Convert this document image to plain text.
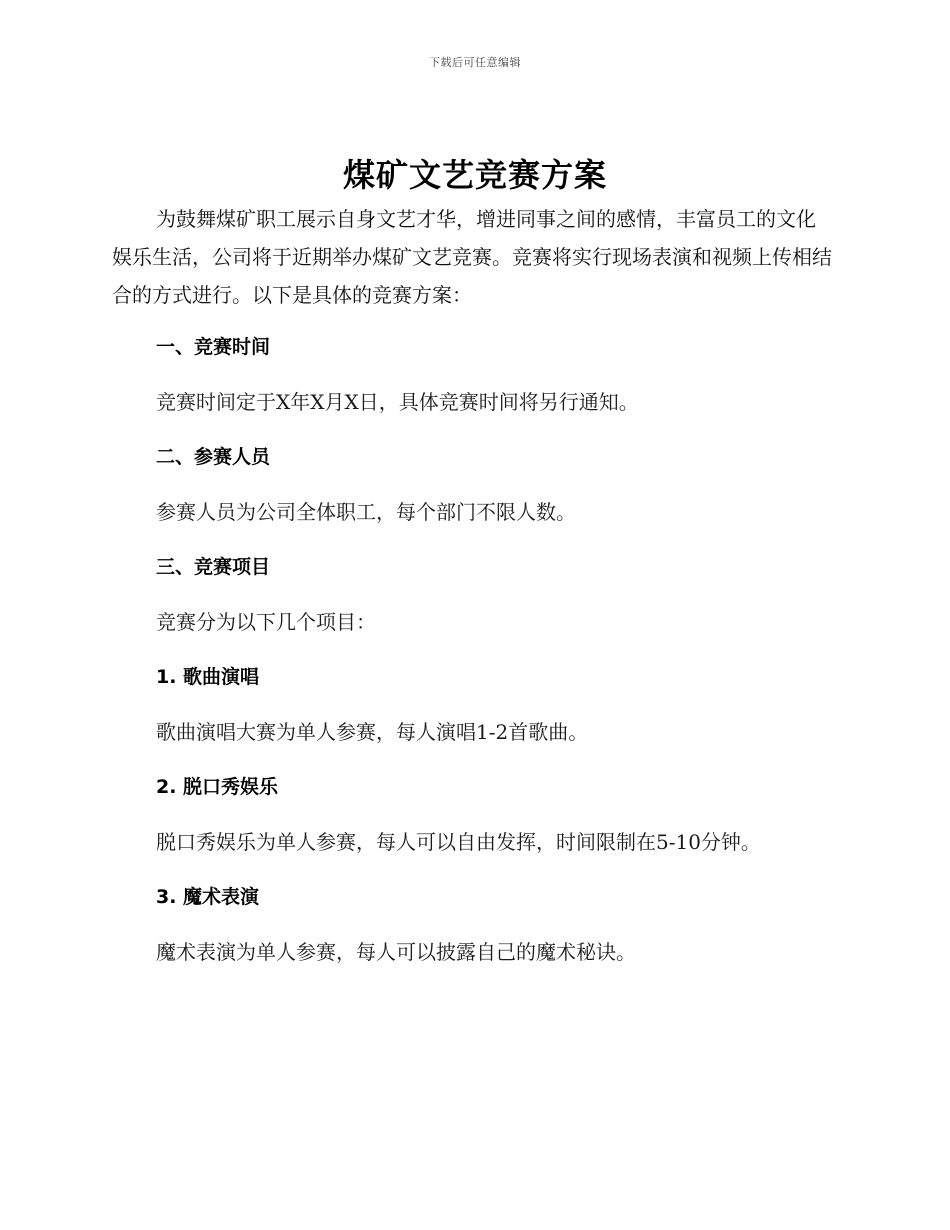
下载后可任意编辑
煤矿文艺竞赛方案

为鼓舞煤矿职工展示自身文艺才华，增进同事之间的感情，丰富员工的文化娱乐生活，公司将于近期举办煤矿文艺竞赛。竞赛将实行现场表演和视频上传相结合的方式进行。以下是具体的竞赛方案：

一、竞赛时间
竞赛时间定于X年X月X日，具体竞赛时间将另行通知。
二、参赛人员
参赛人员为公司全体职工，每个部门不限人数。
三、竞赛项目
竞赛分为以下几个项目：
1. 歌曲演唱
歌曲演唱大赛为单人参赛，每人演唱1-2首歌曲。
2. 脱口秀娱乐
脱口秀娱乐为单人参赛，每人可以自由发挥，时间限制在5-10分钟。
3. 魔术表演
魔术表演为单人参赛，每人可以披露自己的魔术秘诀。
